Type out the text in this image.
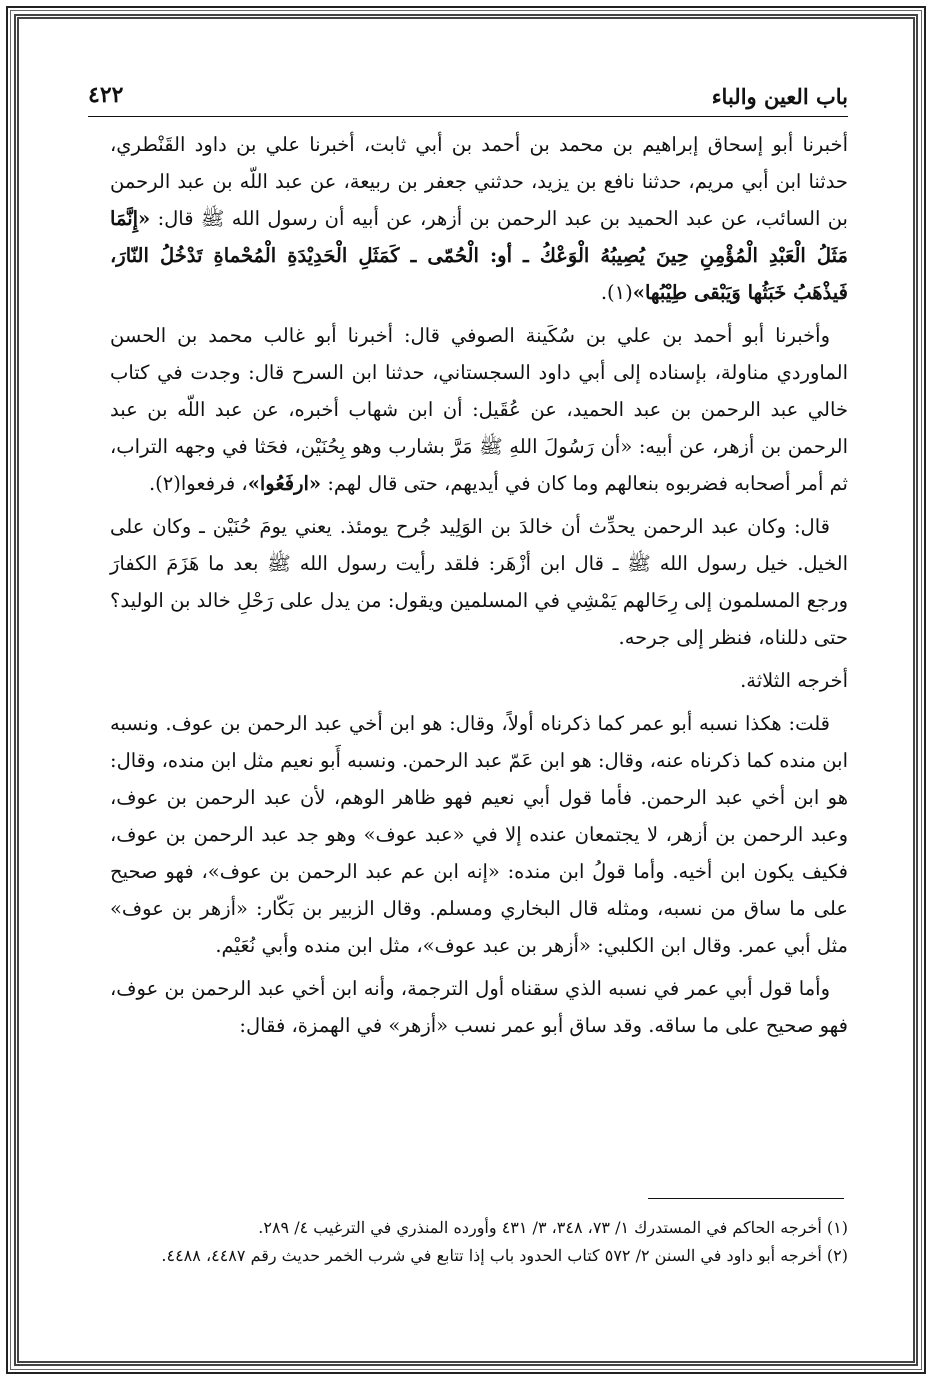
باب العين والباء
٤٢٢

أخبرنا أبو إسحاق إبراهيم بن محمد بن أحمد بن أبي ثابت، أخبرنا علي بن داود القَنْطري، حدثنا ابن أبي مريم، حدثنا نافع بن يزيد، حدثني جعفر بن ربيعة، عن عبد اللّه بن عبد الرحمن بن السائب، عن عبد الحميد بن عبد الرحمن بن أزهر، عن أبيه أن رسول الله ﷺ قال: «إِنَّمَا مَثَلُ الْعَبْدِ الْمُؤْمِنِ حِينَ يُصِيبُهُ الْوَعْكُ ـ أو: الْحُمّى ـ كَمَثَلِ الْحَدِيْدَةِ الْمُحْماةِ تَدْخُلُ النّارَ، فَيذْهَبُ خَبَثُها وَيَبْقى طِيْبُها»(١).

وأخبرنا أبو أحمد بن علي بن سُكَينة الصوفي قال: أخبرنا أبو غالب محمد بن الحسن الماوردي مناولة، بإسناده إلى أبي داود السجستاني، حدثنا ابن السرح قال: وجدت في كتاب خالي عبد الرحمن بن عبد الحميد، عن عُقَيل: أن ابن شهاب أخبره، عن عبد اللّه بن عبد الرحمن بن أزهر، عن أبيه: «أن رَسُولَ اللهِ ﷺ مَرَّ بشارب وهو بِحُنَيْن، فحَثا في وجهه التراب، ثم أمر أصحابه فضربوه بنعالهم وما كان في أيديهم، حتى قال لهم: «ارفَعُوا»، فرفعوا(٢).

قال: وكان عبد الرحمن يحدِّث أن خالدَ بن الوَلِيد جُرح يومئذ. يعني يومَ حُنَيْن ـ وكان على الخيل. خيل رسول الله ﷺ ـ قال ابن أزْهَر: فلقد رأيت رسول الله ﷺ بعد ما هَزَمَ الكفارَ ورجع المسلمون إلى رِحَالهم يَمْشِي في المسلمين ويقول: من يدل على رَحْلِ خالد بن الوليد؟ حتى دللناه، فنظر إلى جرحه.

أخرجه الثلاثة.

قلت: هكذا نسبه أبو عمر كما ذكرناه أولاً، وقال: هو ابن أخي عبد الرحمن بن عوف. ونسبه ابن منده كما ذكرناه عنه، وقال: هو ابن عَمّ عبد الرحمن. ونسبه أَبو نعيم مثل ابن منده، وقال: هو ابن أخي عبد الرحمن. فأما قول أبي نعيم فهو ظاهر الوهم، لأن عبد الرحمن بن عوف، وعبد الرحمن بن أزهر، لا يجتمعان عنده إلا في «عبد عوف» وهو جد عبد الرحمن بن عوف، فكيف يكون ابن أخيه. وأما قولُ ابن منده: «إنه ابن عم عبد الرحمن بن عوف»، فهو صحيح على ما ساق من نسبه، ومثله قال البخاري ومسلم. وقال الزبير بن بَكّار: «أزهر بن عوف» مثل أبي عمر. وقال ابن الكلبي: «أزهر بن عبد عوف»، مثل ابن منده وأبي نُعَيْم.

وأما قول أبي عمر في نسبه الذي سقناه أول الترجمة، وأنه ابن أخي عبد الرحمن بن عوف، فهو صحيح على ما ساقه. وقد ساق أبو عمر نسب «أزهر» في الهمزة، فقال:

(١) أخرجه الحاكم في المستدرك ١/ ٧٣، ٣٤٨، ٣/ ٤٣١ وأورده المنذري في الترغيب ٤/ ٢٨٩.

(٢) أخرجه أبو داود في السنن ٢/ ٥٧٢ كتاب الحدود باب إذا تتابع في شرب الخمر حديث رقم ٤٤٨٧، ٤٤٨٨.
